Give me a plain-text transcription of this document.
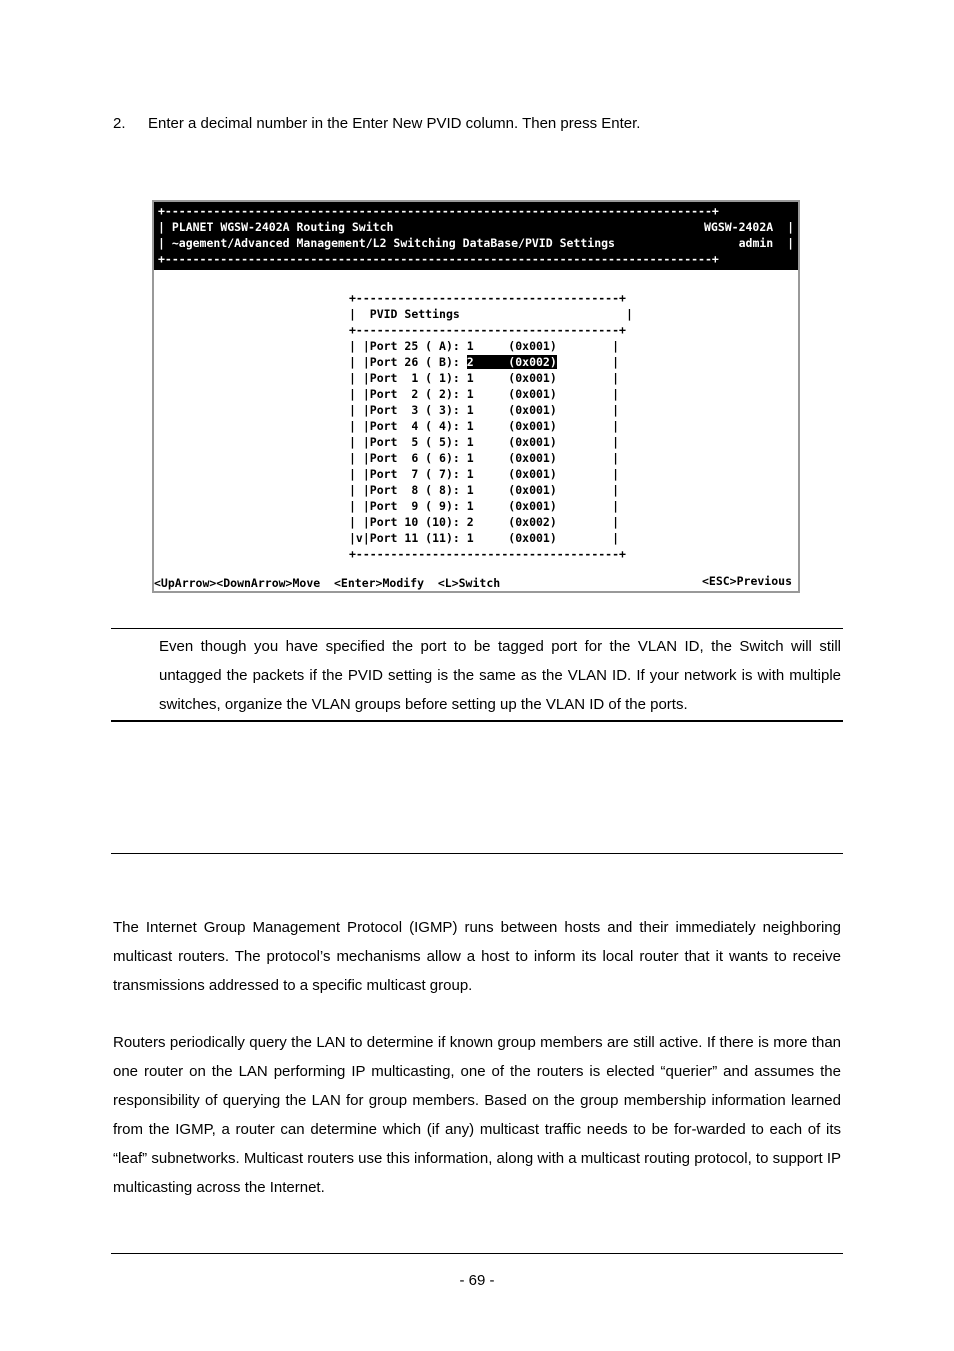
2. Enter a decimal number in the Enter New PVID column. Then press Enter.
+-------------------------------------------------------------------------------+
| PLANET WGSW-2402A Routing Switch	WGSW-2402A  |
| ~agement/Advanced Management/L2 Switching DataBase/PVID Settings	admin  |
+-------------------------------------------------------------------------------+
+--------------------------------------+
|  PVID Settings                        |
+--------------------------------------+
| |Port 25 ( A): 1	(0x001)        |
| |Port 26 ( B): 2	(0x002)        |
| |Port  1 ( 1): 1	(0x001)        |
| |Port  2 ( 2): 1	(0x001)        |
| |Port  3 ( 3): 1	(0x001)        |
| |Port  4 ( 4): 1	(0x001)        |
| |Port  5 ( 5): 1	(0x001)        |
| |Port  6 ( 6): 1	(0x001)        |
| |Port  7 ( 7): 1	(0x001)        |
| |Port  8 ( 8): 1	(0x001)        |
| |Port  9 ( 9): 1	(0x001)        |
| |Port 10 (10): 2	(0x002)        |
|v|Port 11 (11): 1	(0x001)        |
+--------------------------------------+
<UpArrow><DownArrow>Move  <Enter>Modify  <L>Switch	<ESC>Previous
Even though you have specified the port to be tagged port for the VLAN ID, the Switch will still untagged the packets if the PVID setting is the same as the VLAN ID. If your network is with multiple switches, organize the VLAN groups before setting up the VLAN ID of the ports.
The Internet Group Management Protocol (IGMP) runs between hosts and their immediately neighboring multicast routers. The protocol’s mechanisms allow a host to inform its local router that it wants to receive transmissions addressed to a specific multicast group.
Routers periodically query the LAN to determine if known group members are still active. If there is more than one router on the LAN performing IP multicasting, one of the routers is elected “querier” and assumes the responsibility of querying the LAN for group members. Based on the group membership information learned from the IGMP, a router can determine which (if any) multicast traffic needs to be for-warded to each of its “leaf” subnetworks. Multicast routers use this information, along with a multicast routing protocol, to support IP multicasting across the Internet.
- 69 -
